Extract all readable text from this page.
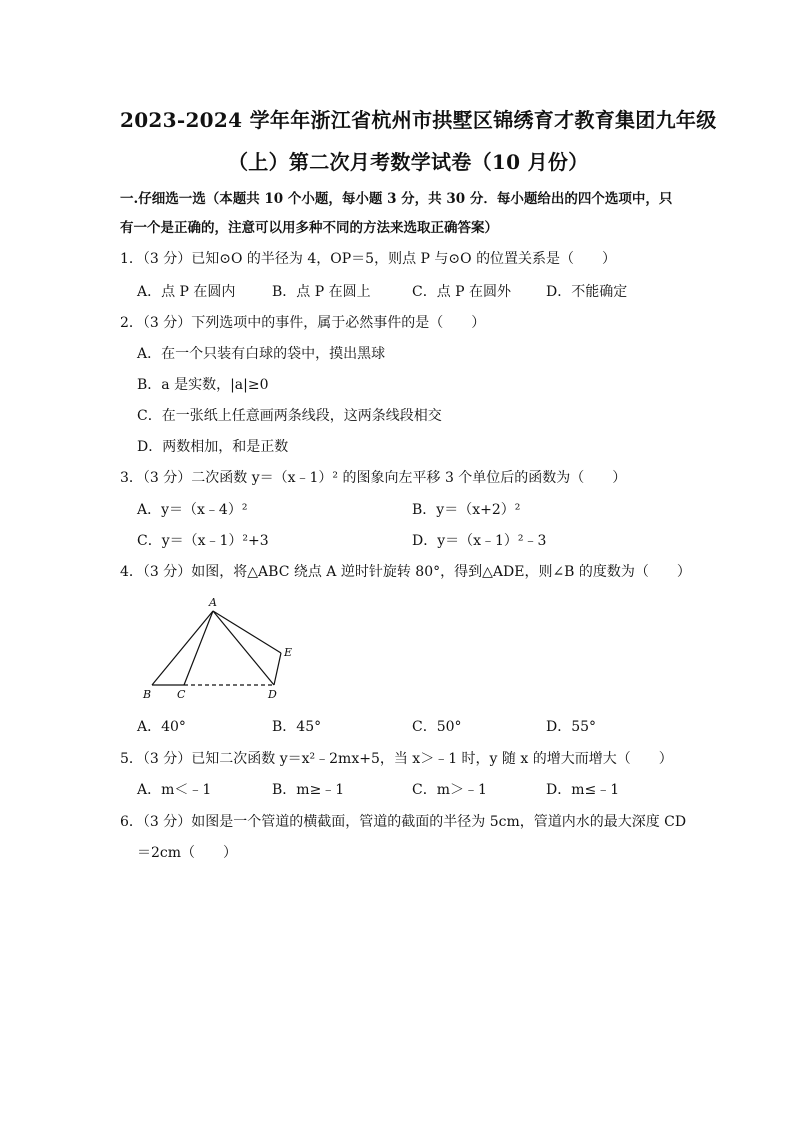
2023-2024 学年年浙江省杭州市拱墅区锦绣育才教育集团九年级
（上）第二次月考数学试卷（10 月份）
一.仔细选一选（本题共 10 个小题，每小题 3 分，共 30 分．每小题给出的四个选项中，只
有一个是正确的，注意可以用多种不同的方法来选取正确答案）
1．（3 分）已知⊙O 的半径为 4，OP＝5，则点 P 与⊙O 的位置关系是（　　）
A．点 P 在圆内	B．点 P 在圆上	C．点 P 在圆外 D．不能确定
2．（3 分）下列选项中的事件，属于必然事件的是（　　）
A．在一个只装有白球的袋中，摸出黑球
B．a 是实数，|a|≥0
C．在一张纸上任意画两条线段，这两条线段相交
D．两数相加，和是正数
3．（3 分）二次函数 y＝（x﹣1）² 的图象向左平移 3 个单位后的函数为（　　）
A．y＝（x﹣4）²	B．y＝（x+2）²
C．y＝（x﹣1）²+3	D．y＝（x﹣1）²﹣3
4．（3 分）如图，将△ABC 绕点 A 逆时针旋转 80°，得到△ADE，则∠B 的度数为（　　）
A
E
B C	D
A．40°	B．45°	C．50°	D．55°
5．（3 分）已知二次函数 y＝x²﹣2mx+5，当 x＞﹣1 时，y 随 x 的增大而增大（　　）
A．m＜﹣1	B．m≥﹣1	C．m＞﹣1	D．m≤﹣1
6．（3 分）如图是一个管道的横截面，管道的截面的半径为 5cm，管道内水的最大深度 CD
＝2cm（　　）
